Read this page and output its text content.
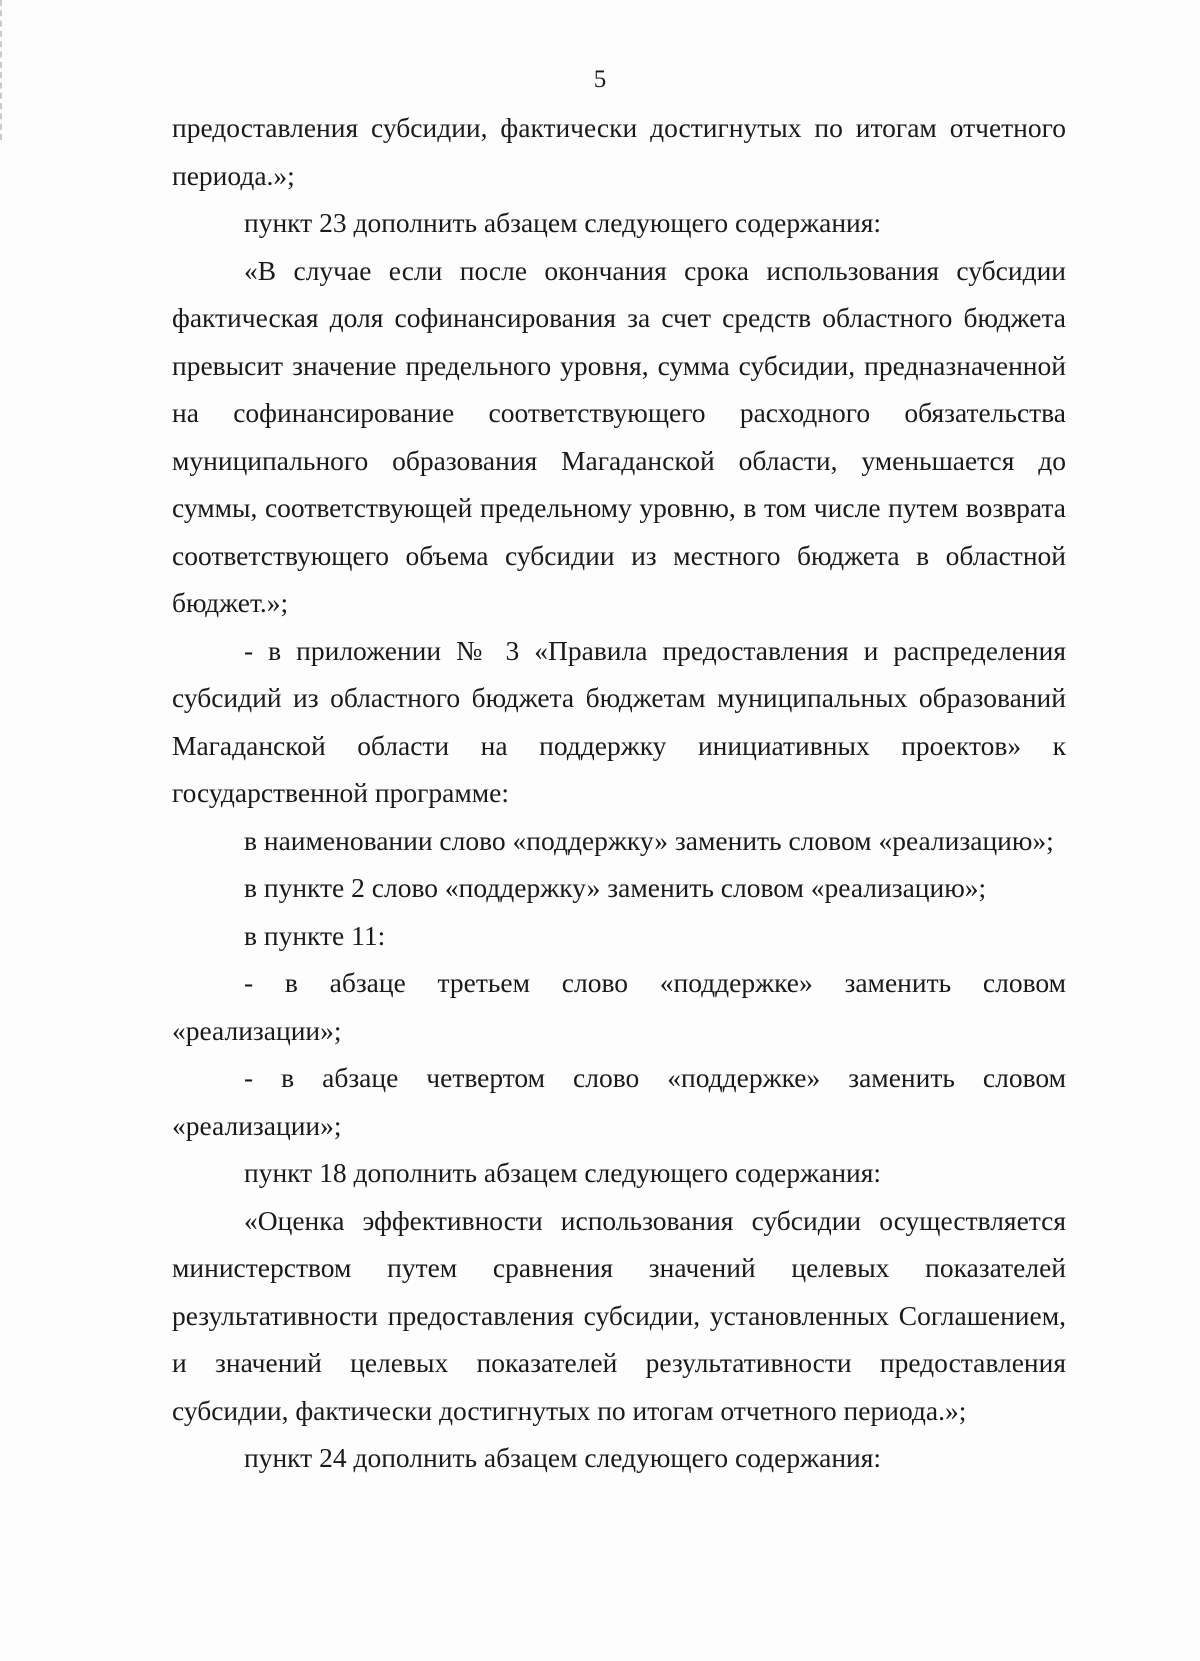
5

предоставления субсидии, фактически достигнутых по итогам отчетного периода.»;

пункт 23 дополнить абзацем следующего содержания:

«В случае если после окончания срока использования субсидии фактическая доля софинансирования за счет средств областного бюджета превысит значение предельного уровня, сумма субсидии, предназначенной на софинансирование соответствующего расходного обязательства муниципального образования Магаданской области, уменьшается до суммы, соответствующей предельному уровню, в том числе путем возврата соответствующего объема субсидии из местного бюджета в областной бюджет.»;

- в приложении № 3 «Правила предоставления и распределения субсидий из областного бюджета бюджетам муниципальных образований Магаданской области на поддержку инициативных проектов» к государственной программе:

в наименовании слово «поддержку» заменить словом «реализацию»;

в пункте 2 слово «поддержку» заменить словом «реализацию»;

в пункте 11:

- в абзаце третьем слово «поддержке» заменить словом «реализации»;

- в абзаце четвертом слово «поддержке» заменить словом «реализации»;

пункт 18 дополнить абзацем следующего содержания:

«Оценка эффективности использования субсидии осуществляется министерством путем сравнения значений целевых показателей результативности предоставления субсидии, установленных Соглашением, и значений целевых показателей результативности предоставления субсидии, фактически достигнутых по итогам отчетного периода.»;

пункт 24 дополнить абзацем следующего содержания:
